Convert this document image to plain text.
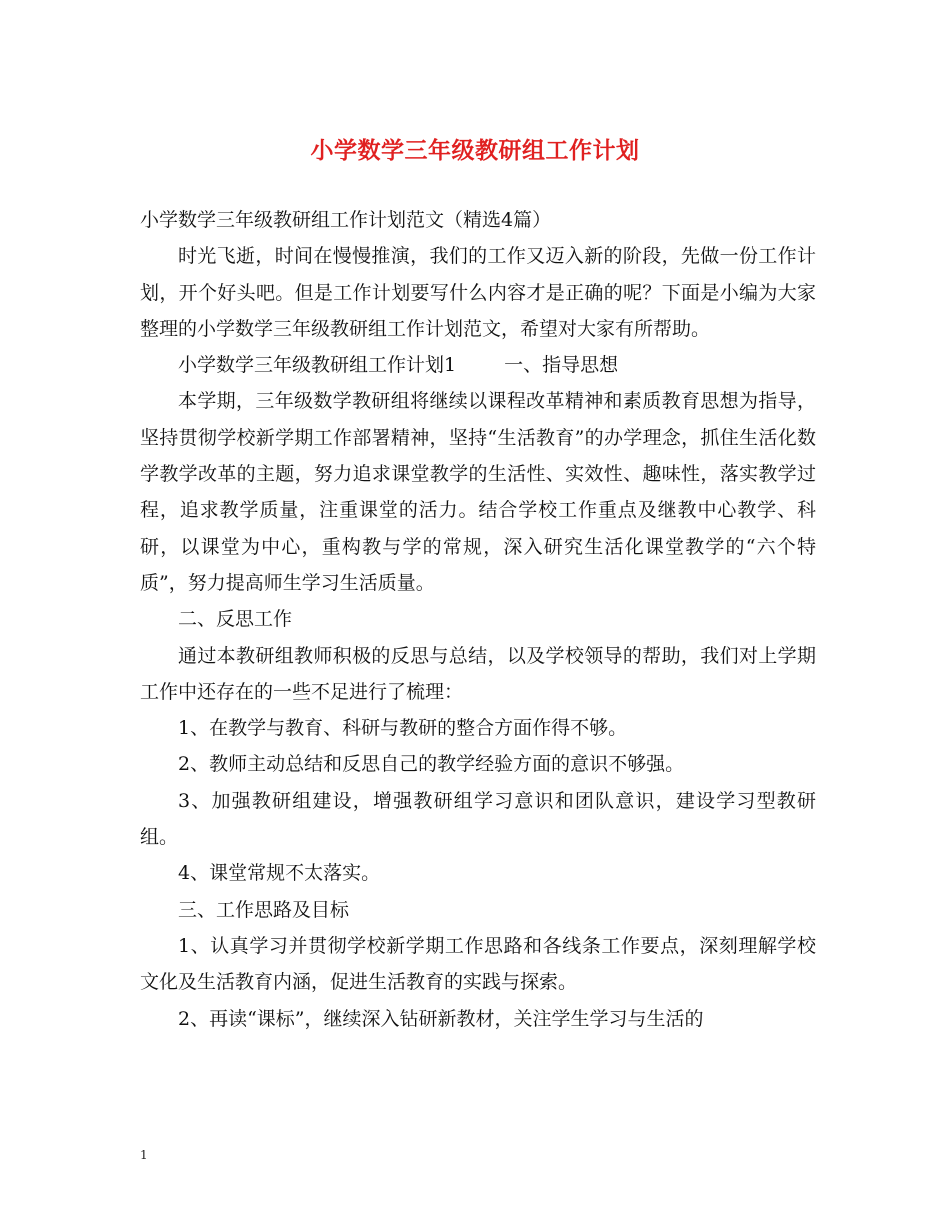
小学数学三年级教研组工作计划

小学数学三年级教研组工作计划范文（精选4篇）

时光飞逝，时间在慢慢推演，我们的工作又迈入新的阶段，先做一份工作计划，开个好头吧。但是工作计划要写什么内容才是正确的呢？下面是小编为大家整理的小学数学三年级教研组工作计划范文，希望对大家有所帮助。

小学数学三年级教研组工作计划1	一、指导思想

本学期，三年级数学教研组将继续以课程改革精神和素质教育思想为指导，坚持贯彻学校新学期工作部署精神，坚持“生活教育”的办学理念，抓住生活化数学教学改革的主题，努力追求课堂教学的生活性、实效性、趣味性，落实教学过程，追求教学质量，注重课堂的活力。结合学校工作重点及继教中心教学、科研，以课堂为中心，重构教与学的常规，深入研究生活化课堂教学的“六个特质”，努力提高师生学习生活质量。

二、反思工作

通过本教研组教师积极的反思与总结，以及学校领导的帮助，我们对上学期工作中还存在的一些不足进行了梳理：

1、在教学与教育、科研与教研的整合方面作得不够。

2、教师主动总结和反思自己的教学经验方面的意识不够强。

3、加强教研组建设，增强教研组学习意识和团队意识，建设学习型教研组。

4、课堂常规不太落实。

三、工作思路及目标

1、认真学习并贯彻学校新学期工作思路和各线条工作要点，深刻理解学校文化及生活教育内涵，促进生活教育的实践与探索。

2、再读“课标”，继续深入钻研新教材，关注学生学习与生活的

1
